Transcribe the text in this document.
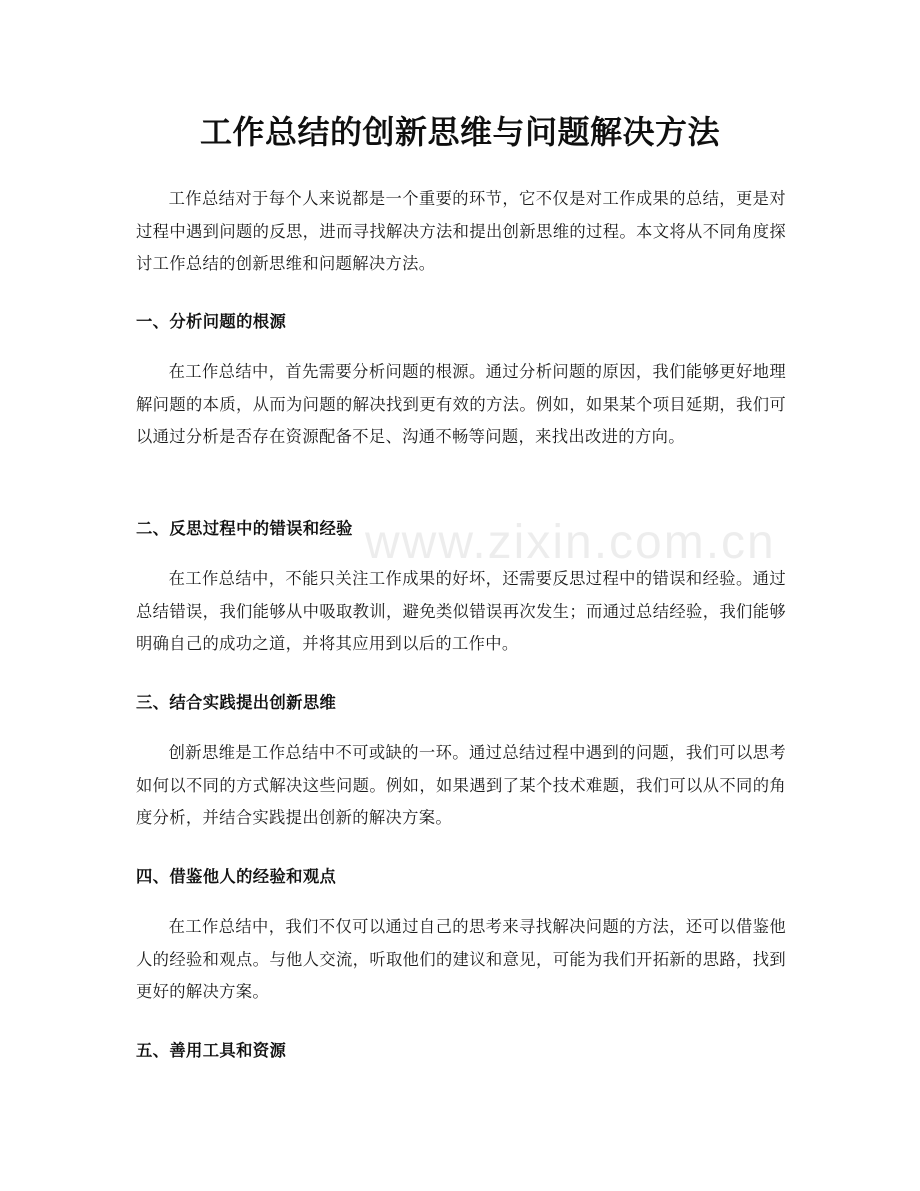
www.zixin.com.cn
工作总结的创新思维与问题解决方法

工作总结对于每个人来说都是一个重要的环节，它不仅是对工作成果的总结，更是对过程中遇到问题的反思，进而寻找解决方法和提出创新思维的过程。本文将从不同角度探讨工作总结的创新思维和问题解决方法。

一、分析问题的根源

在工作总结中，首先需要分析问题的根源。通过分析问题的原因，我们能够更好地理解问题的本质，从而为问题的解决找到更有效的方法。例如，如果某个项目延期，我们可以通过分析是否存在资源配备不足、沟通不畅等问题，来找出改进的方向。

二、反思过程中的错误和经验

在工作总结中，不能只关注工作成果的好坏，还需要反思过程中的错误和经验。通过总结错误，我们能够从中吸取教训，避免类似错误再次发生；而通过总结经验，我们能够明确自己的成功之道，并将其应用到以后的工作中。

三、结合实践提出创新思维

创新思维是工作总结中不可或缺的一环。通过总结过程中遇到的问题，我们可以思考如何以不同的方式解决这些问题。例如，如果遇到了某个技术难题，我们可以从不同的角度分析，并结合实践提出创新的解决方案。

四、借鉴他人的经验和观点

在工作总结中，我们不仅可以通过自己的思考来寻找解决问题的方法，还可以借鉴他人的经验和观点。与他人交流，听取他们的建议和意见，可能为我们开拓新的思路，找到更好的解决方案。

五、善用工具和资源
